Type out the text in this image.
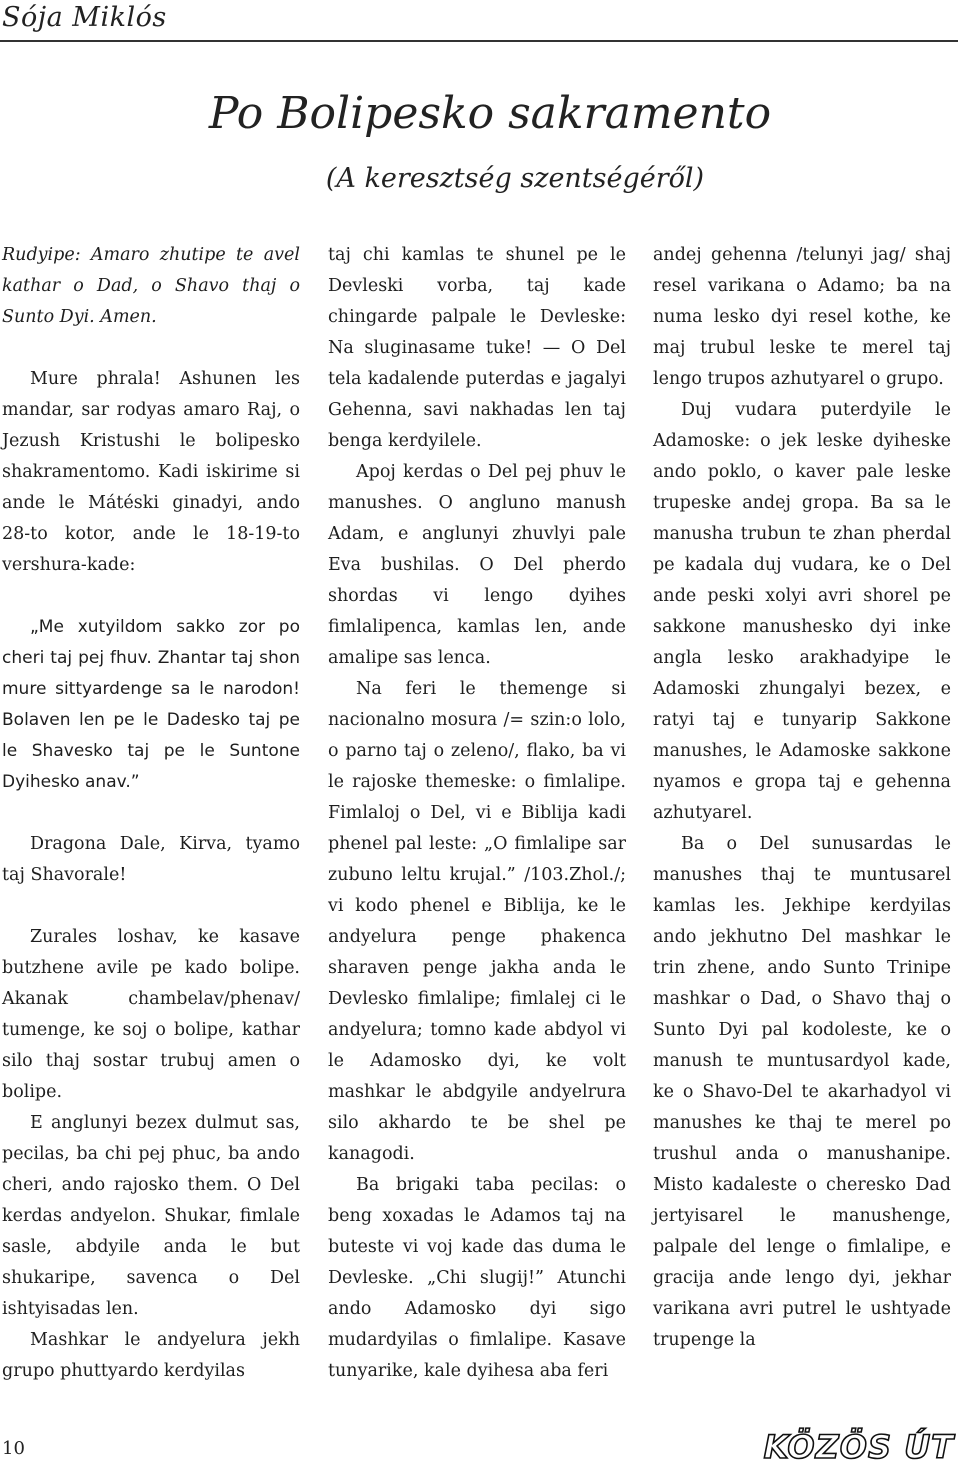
Sója Miklós
Po Bolipesko sakramento
(A keresztség szentségéről)

Rudyipe: Amaro zhutipe te avel kathar o Dad, o Shavo thaj o Sunto Dyi. Amen.

Mure phrala! Ashunen les mandar, sar rodyas amaro Raj, o Jezush Kristushi le bolipesko shakramentomo. Kadi iskirime si ande le Mátéski ginadyi, ando 28-to kotor, ande le 18-19-to vershura-kade:

„Me xutyildom sakko zor po cheri taj pej fhuv. Zhantar taj shon mure sittyardenge sa le narodon! Bolaven len pe le Dadesko taj pe le Shavesko taj pe le Suntone Dyihesko anav.”

Dragona Dale, Kirva, tyamo taj Shavorale!

Zurales loshav, ke kasave butzhene avile pe kado bolipe. Akanak chambelav/phenav/ tumenge, ke soj o bolipe, kathar silo thaj sostar trubuj amen o bolipe.

E anglunyi bezex dulmut sas, pecilas, ba chi pej phuc, ba ando cheri, ando rajosko them. O Del kerdas andyelon. Shukar, fimlale sasle, abdyile anda le but shukaripe, savenca o Del ishtyisadas len.

Mashkar le andyelura jekh grupo phuttyardo kerdyilas

taj chi kamlas te shunel pe le Devleski vorba, taj kade chingarde palpale le Devleske: Na sluginasame tuke! — O Del tela kadalende puterdas e jagalyi Gehenna, savi nakhadas len taj benga kerdyilele.

Apoj kerdas o Del pej phuv le manushes. O angluno manush Adam, e anglunyi zhuvlyi pale Eva bushilas. O Del pherdo shordas vi lengo dyihes fimlalipenca, kamlas len, ande amalipe sas lenca.

Na feri le themenge si nacionalno mosura /= szin:o lolo, o parno taj o zeleno/, flako, ba vi le rajoske themeske: o fimlalipe. Fimlaloj o Del, vi e Biblija kadi phenel pal leste: „O fimlalipe sar zubuno leltu krujal.” /103.Zhol./; vi kodo phenel e Biblija, ke le andyelura penge phakenca sharaven penge jakha anda le Devlesko fimlalipe; fimlalej ci le andyelura; tomno kade abdyol vi le Adamosko dyi, ke volt mashkar le abdgyile andyelrura silo akhardo te be shel pe kanagodi.

Ba brigaki taba pecilas: o beng xoxadas le Adamos taj na buteste vi voj kade das duma le Devleske. „Chi slugij!” Atunchi ando Adamosko dyi sigo mudardyilas o fimlalipe. Kasave tunyarike, kale dyihesa aba feri

andej gehenna /telunyi jag/ shaj resel varikana o Adamo; ba na numa lesko dyi resel kothe, ke maj trubul leske te merel taj lengo trupos azhutyarel o grupo.

Duj vudara puterdyile le Adamoske: o jek leske dyiheske ando poklo, o kaver pale leske trupeske andej gropa. Ba sa le manusha trubun te zhan pherdal pe kadala duj vudara, ke o Del ande peski xolyi avri shorel pe sakkone manushesko dyi inke angla lesko arakhadyipe le Adamoski zhungalyi bezex, e ratyi taj e tunyarip Sakkone manushes, le Adamoske sakkone nyamos e gropa taj e gehenna azhutyarel.

Ba o Del sunusardas le manushes thaj te muntusarel kamlas les. Jekhipe kerdyilas ando jekhutno Del mashkar le trin zhene, ando Sunto Trinipe mashkar o Dad, o Shavo thaj o Sunto Dyi pal kodoleste, ke o manush te muntusardyol kade, ke o Shavo-Del te akarhadyol vi manushes ke thaj te merel po trushul anda o manushanipe. Misto kadaleste o cheresko Dad jertyisarel le manushenge, palpale del lenge o fimlalipe, e gracija ande lengo dyi, jekhar varikana avri putrel le ushtyade trupenge la

10	KÖZÖS ÚT
